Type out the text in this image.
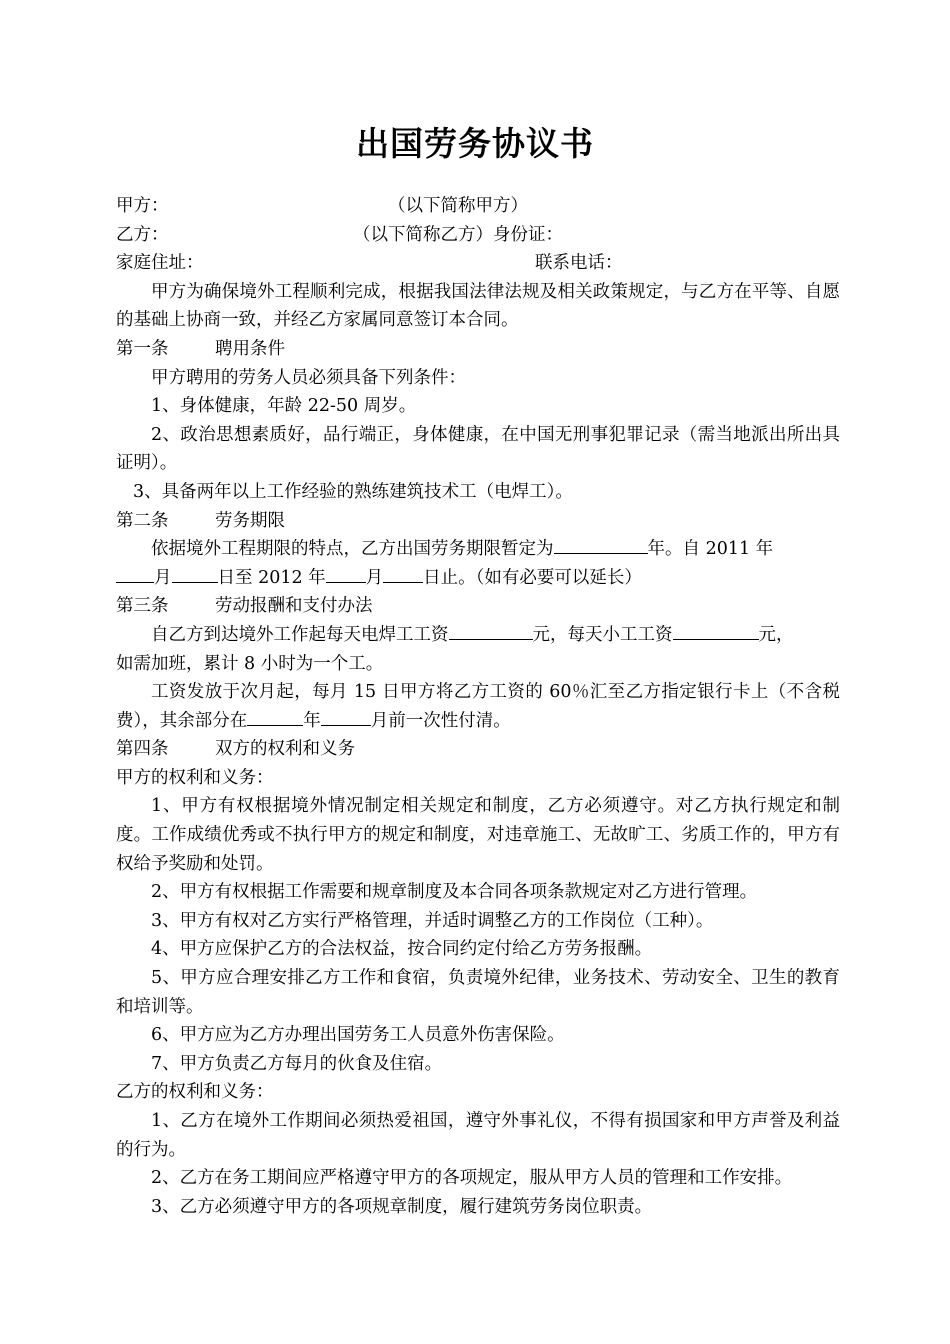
出国劳务协议书
甲方：	（以下简称甲方）
乙方：	（以下简称乙方）身份证：
家庭住址：	联系电话：
甲方为确保境外工程顺利完成，根据我国法律法规及相关政策规定，与乙方在平等、自愿的基础上协商一致，并经乙方家属同意签订本合同。
第一条	聘用条件
甲方聘用的劳务人员必须具备下列条件：
1、身体健康，年龄 22-50 周岁。
2、政治思想素质好，品行端正，身体健康，在中国无刑事犯罪记录（需当地派出所出具证明）。
3、具备两年以上工作经验的熟练建筑技术工（电焊工）。
第二条	劳务期限
依据境外工程期限的特点，乙方出国劳务期限暂定为	年。自 2011 年
月	日至 2012 年 月 日止。（如有必要可以延长）
第三条	劳动报酬和支付办法
自乙方到达境外工作起每天电焊工工资	元，每天小工工资	元，
如需加班，累计 8 小时为一个工。
工资发放于次月起，每月 15 日甲方将乙方工资的 60％汇至乙方指定银行卡上（不含税费），其余部分在	年	月前一次性付清。
第四条	双方的权利和义务
甲方的权利和义务：
1、甲方有权根据境外情况制定相关规定和制度，乙方必须遵守。对乙方执行规定和制度。工作成绩优秀或不执行甲方的规定和制度，对违章施工、无故旷工、劣质工作的，甲方有权给予奖励和处罚。
2、甲方有权根据工作需要和规章制度及本合同各项条款规定对乙方进行管理。
3、甲方有权对乙方实行严格管理，并适时调整乙方的工作岗位（工种）。
4、甲方应保护乙方的合法权益，按合同约定付给乙方劳务报酬。
5、甲方应合理安排乙方工作和食宿，负责境外纪律，业务技术、劳动安全、卫生的教育和培训等。
6、甲方应为乙方办理出国劳务工人员意外伤害保险。
7、甲方负责乙方每月的伙食及住宿。
乙方的权利和义务：
1、乙方在境外工作期间必须热爱祖国，遵守外事礼仪，不得有损国家和甲方声誉及利益的行为。
2、乙方在务工期间应严格遵守甲方的各项规定，服从甲方人员的管理和工作安排。
3、乙方必须遵守甲方的各项规章制度，履行建筑劳务岗位职责。
